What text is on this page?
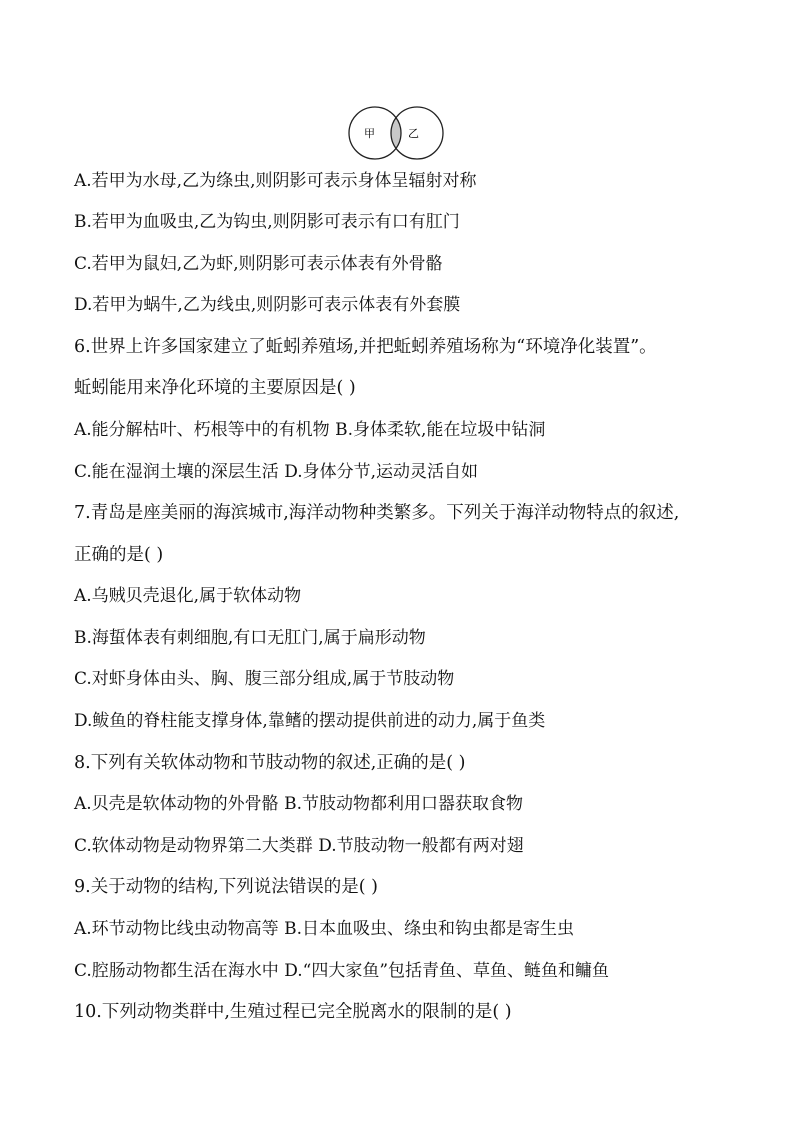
甲	乙
A.若甲为水母,乙为绦虫,则阴影可表示身体呈辐射对称
B.若甲为血吸虫,乙为钩虫,则阴影可表示有口有肛门
C.若甲为鼠妇,乙为虾,则阴影可表示体表有外骨骼
D.若甲为蜗牛,乙为线虫,则阴影可表示体表有外套膜
6.世界上许多国家建立了蚯蚓养殖场,并把蚯蚓养殖场称为“环境净化装置”。
蚯蚓能用来净化环境的主要原因是( )
A.能分解枯叶、朽根等中的有机物 B.身体柔软,能在垃圾中钻洞
C.能在湿润土壤的深层生活 D.身体分节,运动灵活自如
7.青岛是座美丽的海滨城市,海洋动物种类繁多。下列关于海洋动物特点的叙述,
正确的是( )
A.乌贼贝壳退化,属于软体动物
B.海蜇体表有刺细胞,有口无肛门,属于扁形动物
C.对虾身体由头、胸、腹三部分组成,属于节肢动物
D.鲅鱼的脊柱能支撑身体,靠鳍的摆动提供前进的动力,属于鱼类
8.下列有关软体动物和节肢动物的叙述,正确的是( )
A.贝壳是软体动物的外骨骼 B.节肢动物都利用口器获取食物
C.软体动物是动物界第二大类群 D.节肢动物一般都有两对翅
9.关于动物的结构,下列说法错误的是( )
A.环节动物比线虫动物高等 B.日本血吸虫、绦虫和钩虫都是寄生虫
C.腔肠动物都生活在海水中 D.“四大家鱼”包括青鱼、草鱼、鲢鱼和鳙鱼
10.下列动物类群中,生殖过程已完全脱离水的限制的是( )
